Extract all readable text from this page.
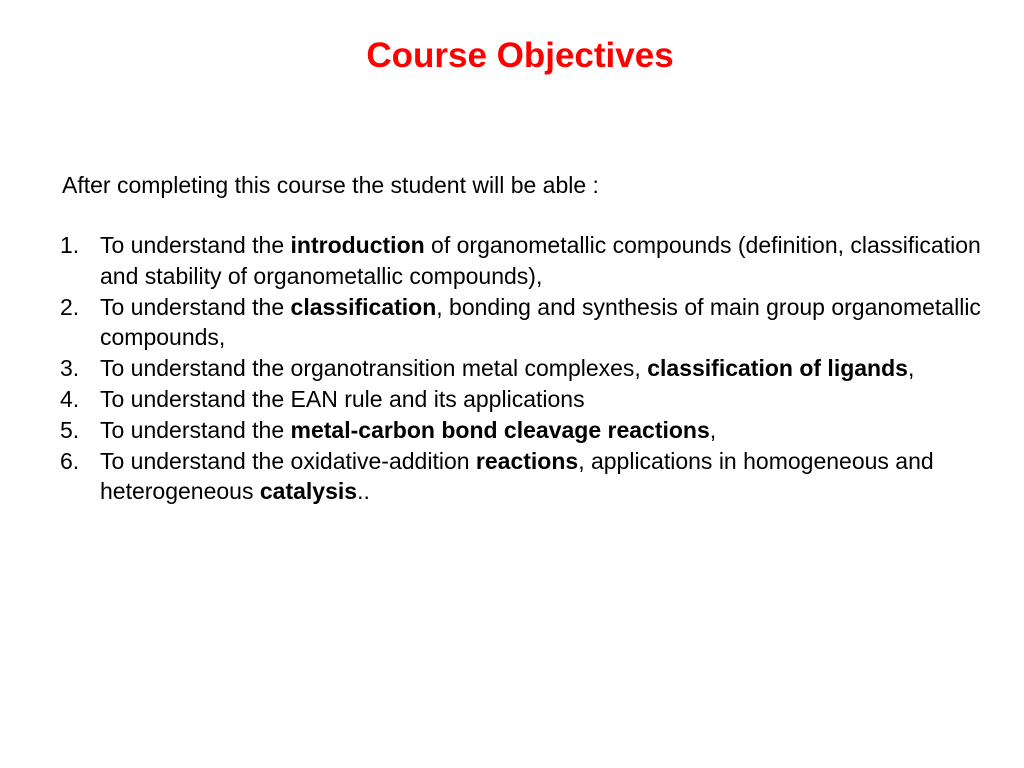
Course Objectives

After completing this course the student will be able :

1. To understand the introduction of organometallic compounds (definition, classification and stability of organometallic compounds),
2. To understand the classification, bonding and synthesis of main group organometallic compounds,
3. To understand the organotransition metal complexes, classification of ligands,
4. To understand the EAN rule and its applications
5. To understand the metal-carbon bond cleavage reactions,
6. To understand the oxidative-addition reactions, applications in homogeneous and heterogeneous catalysis..
